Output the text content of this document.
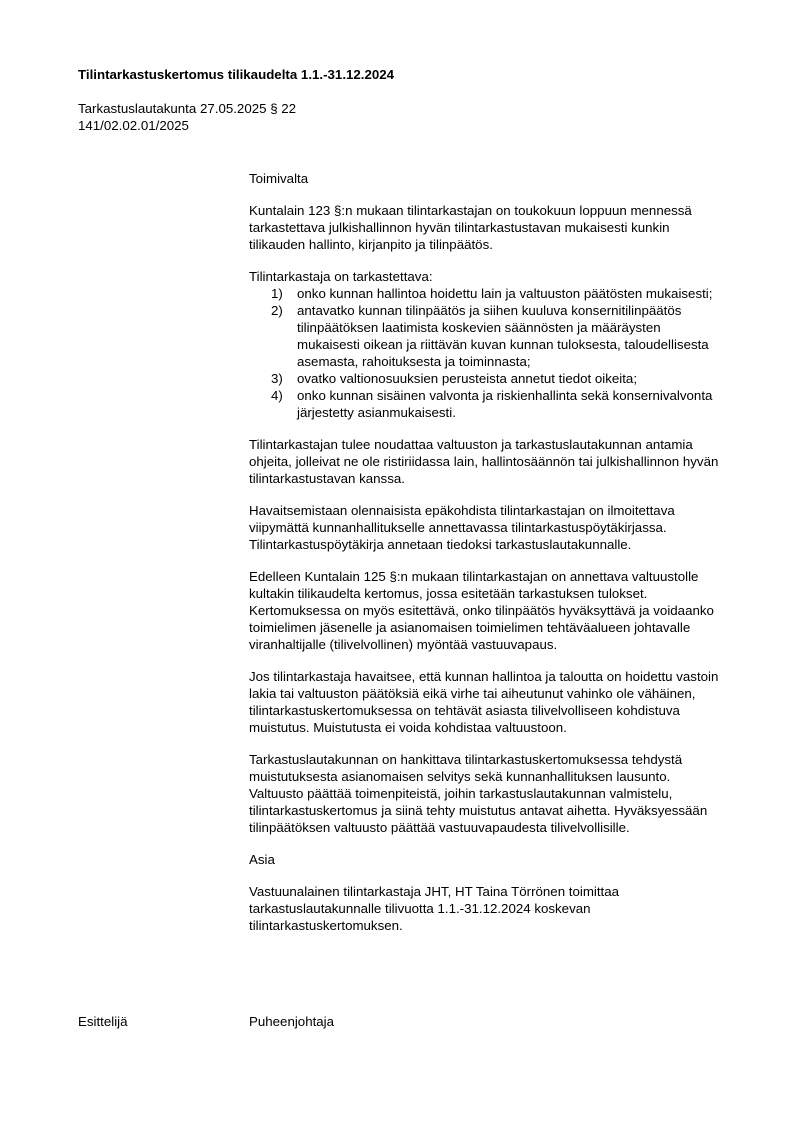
Tilintarkastuskertomus tilikaudelta 1.1.-31.12.2024
Tarkastuslautakunta 27.05.2025 § 22
141/02.02.01/2025

Toimivalta

Kuntalain 123 §:n mukaan tilintarkastajan on toukokuun loppuun mennessä tarkastettava julkishallinnon hyvän tilintarkastustavan mukaisesti kunkin tilikauden hallinto, kirjanpito ja tilinpäätös.

Tilintarkastaja on tarkastettava:

1) onko kunnan hallintoa hoidettu lain ja valtuuston päätösten mukaisesti;
2) antavatko kunnan tilinpäätös ja siihen kuuluva konsernitilinpäätös tilinpäätöksen laatimista koskevien säännösten ja määräysten mukaisesti oikean ja riittävän kuvan kunnan tuloksesta, taloudellisesta asemasta, rahoituksesta ja toiminnasta;
3) ovatko valtionosuuksien perusteista annetut tiedot oikeita;
4) onko kunnan sisäinen valvonta ja riskienhallinta sekä konsernivalvonta järjestetty asianmukaisesti.

Tilintarkastajan tulee noudattaa valtuuston ja tarkastuslautakunnan antamia ohjeita, jolleivat ne ole ristiriidassa lain, hallintosäännön tai julkishallinnon hyvän tilintarkastustavan kanssa.

Havaitsemistaan olennaisista epäkohdista tilintarkastajan on ilmoitettava viipymättä kunnanhallitukselle annettavassa tilintarkastuspöytäkirjassa. Tilintarkastuspöytäkirja annetaan tiedoksi tarkastuslautakunnalle.

Edelleen Kuntalain 125 §:n mukaan tilintarkastajan on annettava valtuustolle kultakin tilikaudelta kertomus, jossa esitetään tarkastuksen tulokset. Kertomuksessa on myös esitettävä, onko tilinpäätös hyväksyttävä ja voidaanko toimielimen jäsenelle ja asianomaisen toimielimen tehtäväalueen johtavalle viranhaltijalle (tilivelvollinen) myöntää vastuuvapaus.

Jos tilintarkastaja havaitsee, että kunnan hallintoa ja taloutta on hoidettu vastoin lakia tai valtuuston päätöksiä eikä virhe tai aiheutunut vahinko ole vähäinen, tilintarkastuskertomuksessa on tehtävät asiasta tilivelvolliseen kohdistuva muistutus. Muistutusta ei voida kohdistaa valtuustoon.

Tarkastuslautakunnan on hankittava tilintarkastuskertomuksessa tehdystä muistutuksesta asianomaisen selvitys sekä kunnanhallituksen lausunto. Valtuusto päättää toimenpiteistä, joihin tarkastuslautakunnan valmistelu, tilintarkastuskertomus ja siinä tehty muistutus antavat aihetta. Hyväksyessään tilinpäätöksen valtuusto päättää vastuuvapaudesta tilivelvollisille.

Asia

Vastuunalainen tilintarkastaja JHT, HT Taina Törrönen toimittaa tarkastuslautakunnalle tilivuotta 1.1.-31.12.2024 koskevan tilintarkastuskertomuksen.

Esittelijä	Puheenjohtaja
